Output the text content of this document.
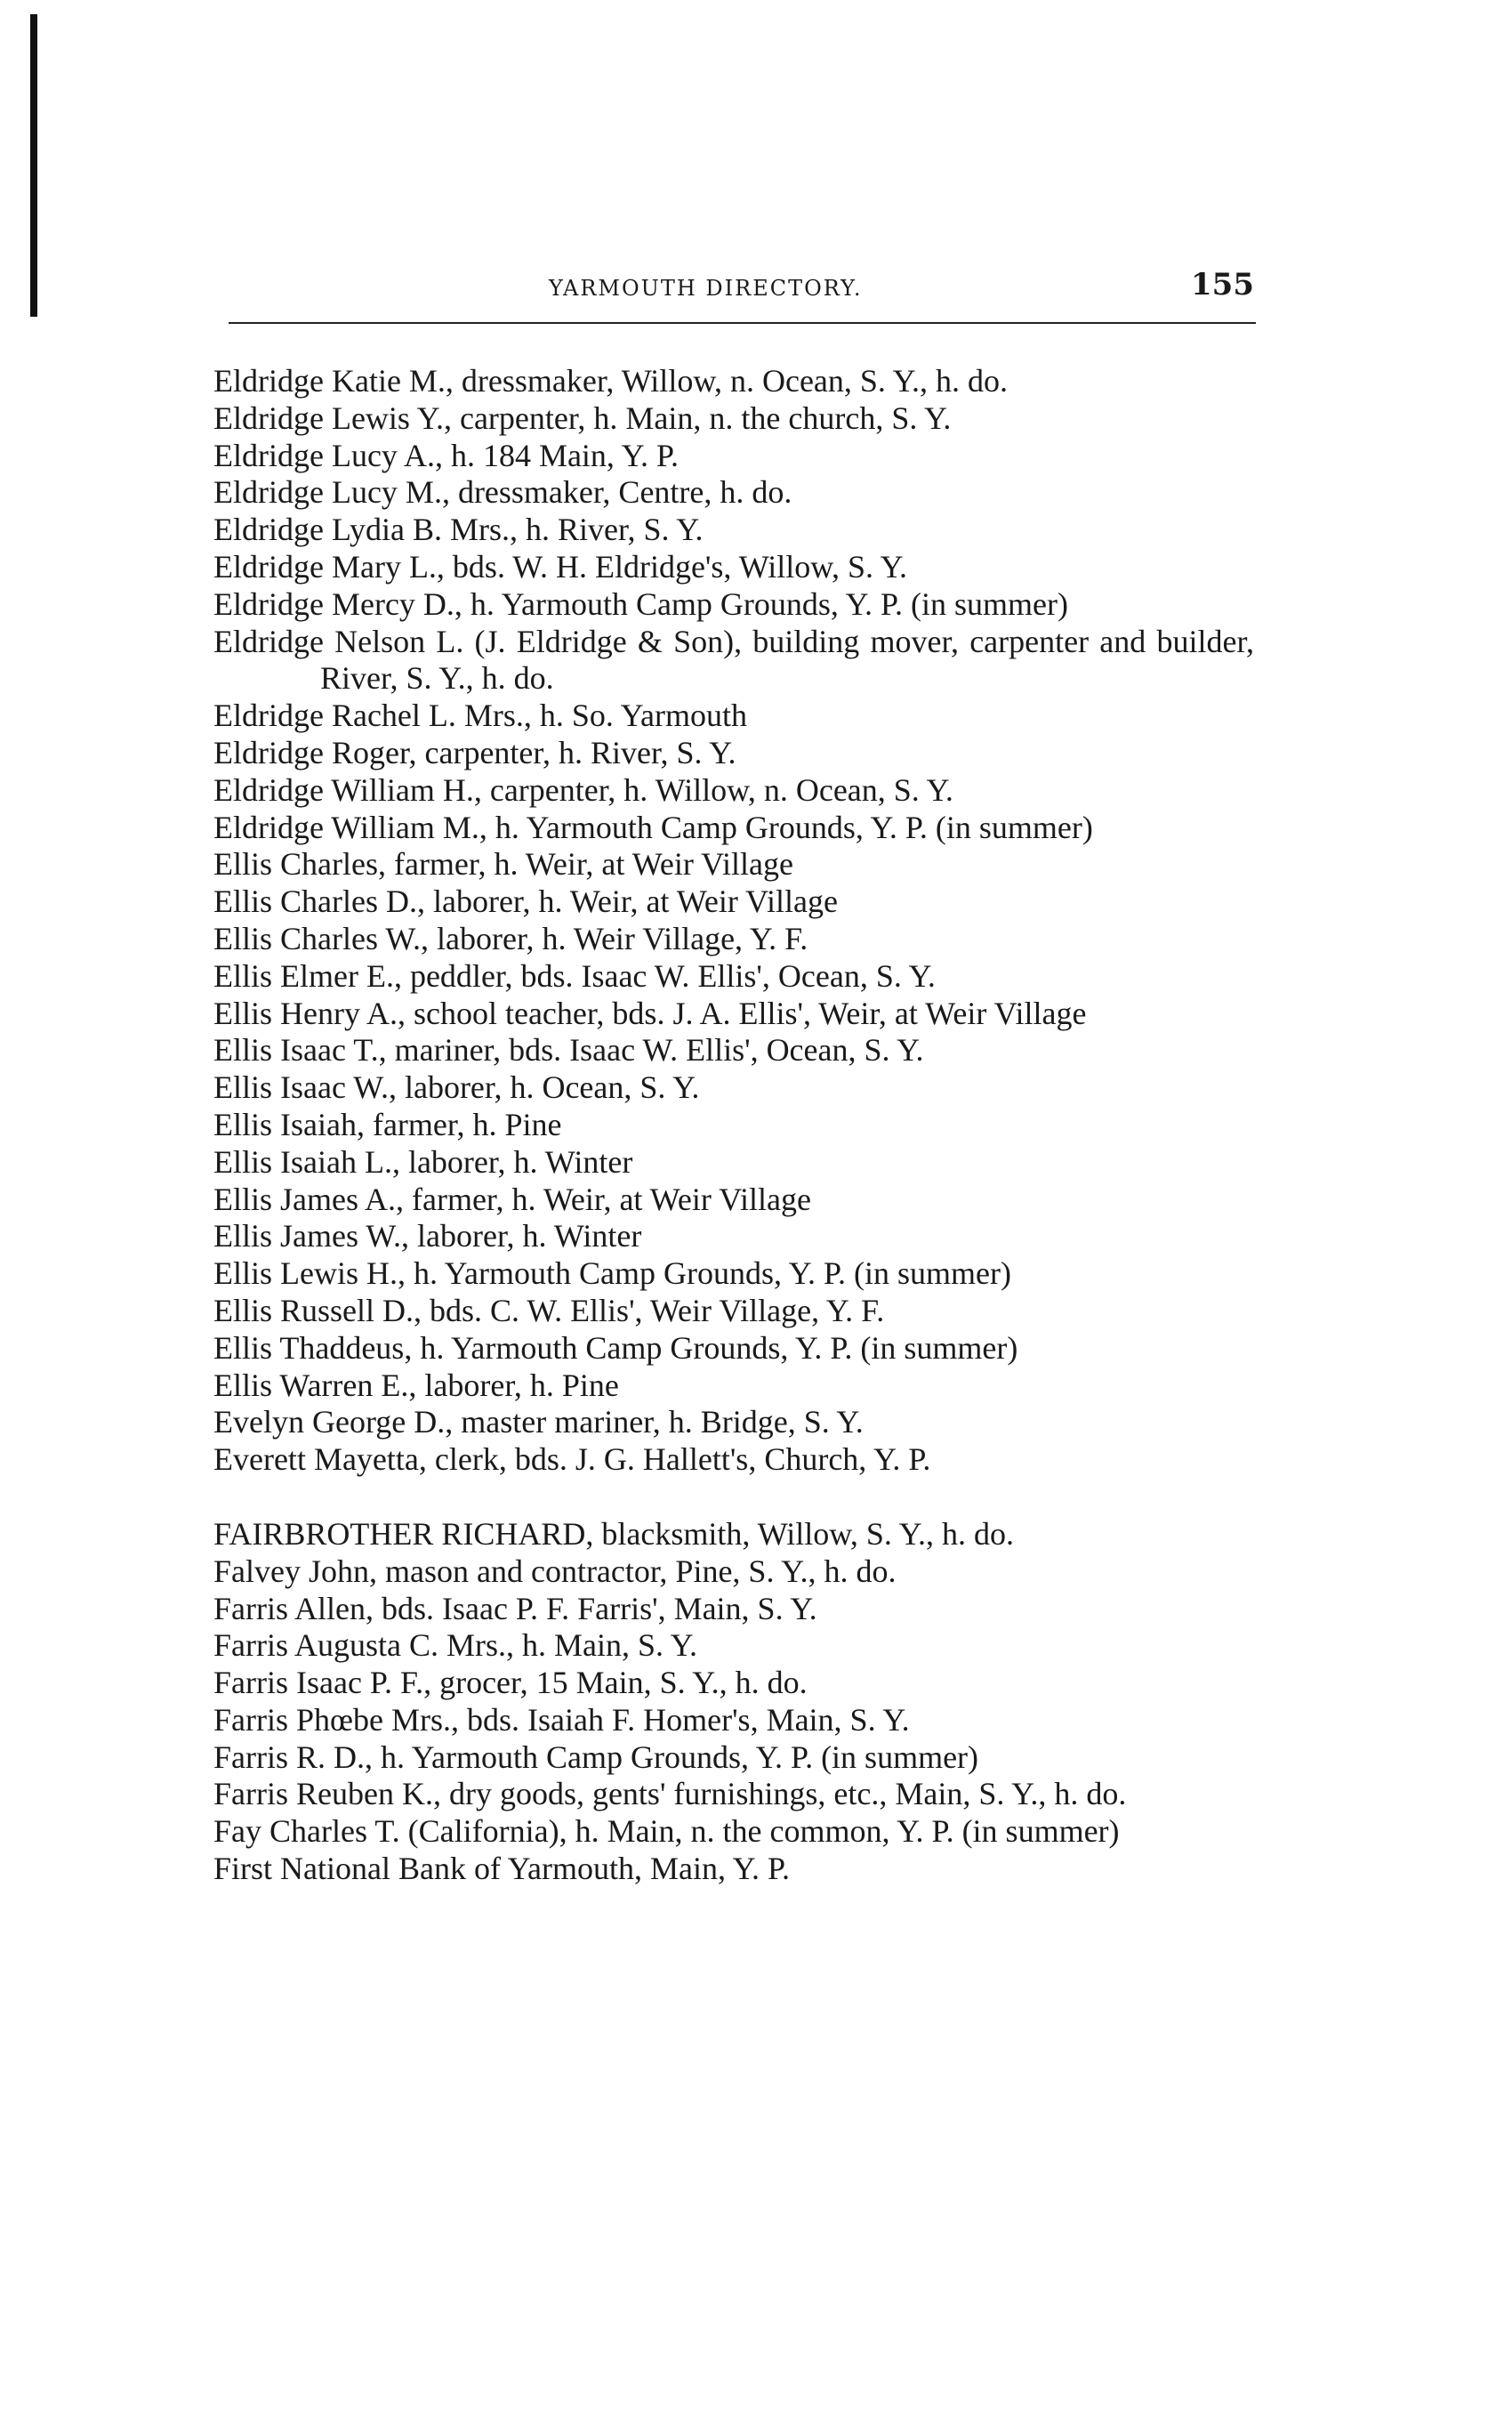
YARMOUTH DIRECTORY.	155
Eldridge Katie M., dressmaker, Willow, n. Ocean, S. Y., h. do.
Eldridge Lewis Y., carpenter, h. Main, n. the church, S. Y.
Eldridge Lucy A., h. 184 Main, Y. P.
Eldridge Lucy M., dressmaker, Centre, h. do.
Eldridge Lydia B. Mrs., h. River, S. Y.
Eldridge Mary L., bds. W. H. Eldridge's, Willow, S. Y.
Eldridge Mercy D., h. Yarmouth Camp Grounds, Y. P. (in summer)
Eldridge Nelson L. (J. Eldridge & Son), building mover, carpenter and builder, River, S. Y., h. do.
Eldridge Rachel L. Mrs., h. So. Yarmouth
Eldridge Roger, carpenter, h. River, S. Y.
Eldridge William H., carpenter, h. Willow, n. Ocean, S. Y.
Eldridge William M., h. Yarmouth Camp Grounds, Y. P. (in summer)
Ellis Charles, farmer, h. Weir, at Weir Village
Ellis Charles D., laborer, h. Weir, at Weir Village
Ellis Charles W., laborer, h. Weir Village, Y. F.
Ellis Elmer E., peddler, bds. Isaac W. Ellis', Ocean, S. Y.
Ellis Henry A., school teacher, bds. J. A. Ellis', Weir, at Weir Village
Ellis Isaac T., mariner, bds. Isaac W. Ellis', Ocean, S. Y.
Ellis Isaac W., laborer, h. Ocean, S. Y.
Ellis Isaiah, farmer, h. Pine
Ellis Isaiah L., laborer, h. Winter
Ellis James A., farmer, h. Weir, at Weir Village
Ellis James W., laborer, h. Winter
Ellis Lewis H., h. Yarmouth Camp Grounds, Y. P. (in summer)
Ellis Russell D., bds. C. W. Ellis', Weir Village, Y. F.
Ellis Thaddeus, h. Yarmouth Camp Grounds, Y. P. (in summer)
Ellis Warren E., laborer, h. Pine
Evelyn George D., master mariner, h. Bridge, S. Y.
Everett Mayetta, clerk, bds. J. G. Hallett's, Church, Y. P.
FAIRBROTHER RICHARD, blacksmith, Willow, S. Y., h. do.
Falvey John, mason and contractor, Pine, S. Y., h. do.
Farris Allen, bds. Isaac P. F. Farris', Main, S. Y.
Farris Augusta C. Mrs., h. Main, S. Y.
Farris Isaac P. F., grocer, 15 Main, S. Y., h. do.
Farris Phœbe Mrs., bds. Isaiah F. Homer's, Main, S. Y.
Farris R. D., h. Yarmouth Camp Grounds, Y. P. (in summer)
Farris Reuben K., dry goods, gents' furnishings, etc., Main, S. Y., h. do.
Fay Charles T. (California), h. Main, n. the common, Y. P. (in summer)
First National Bank of Yarmouth, Main, Y. P.
